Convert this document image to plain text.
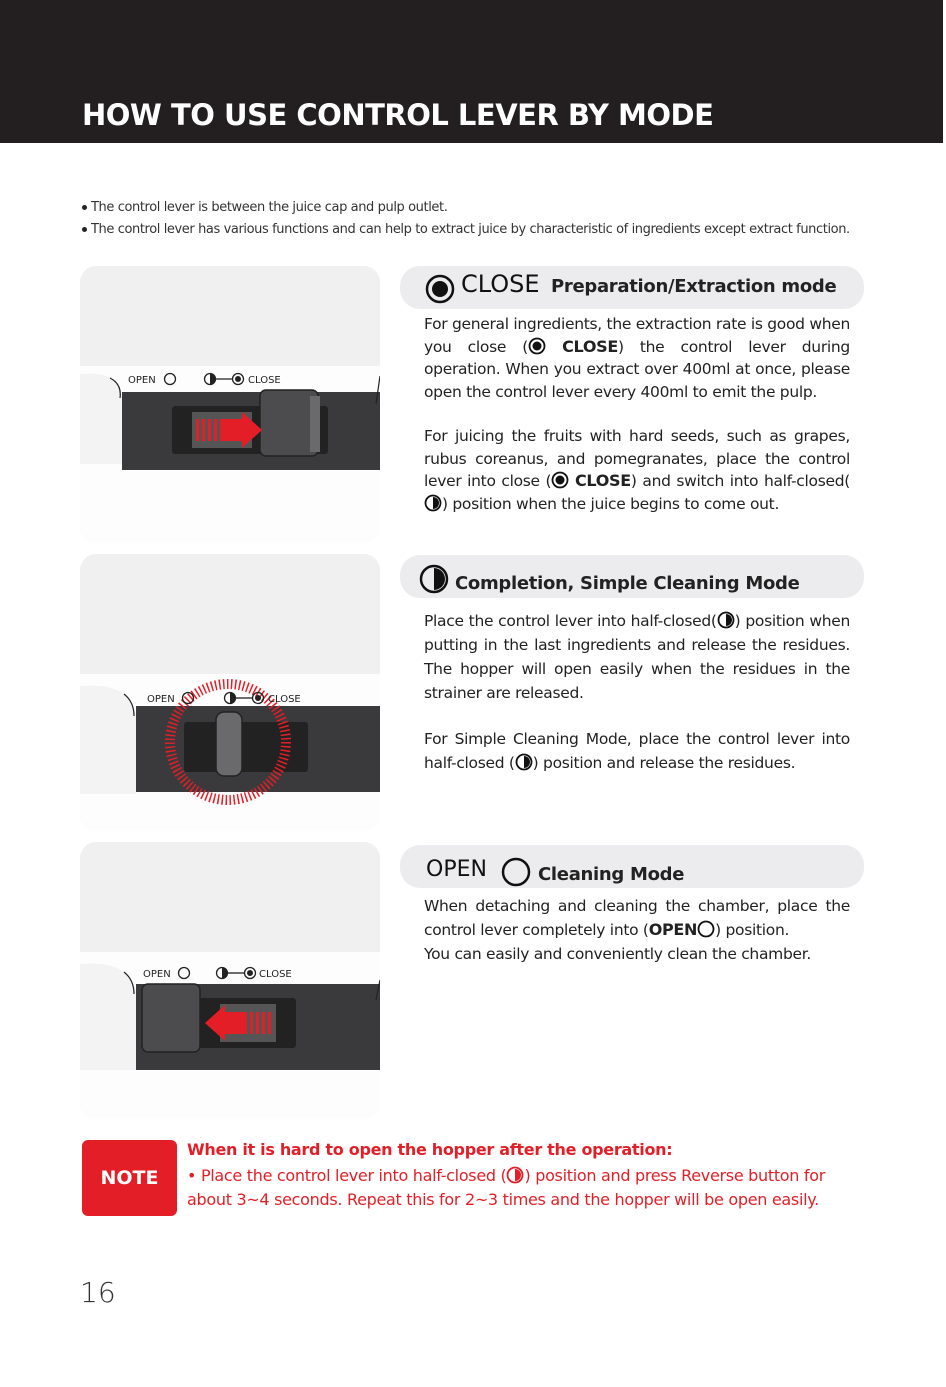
HOW TO USE CONTROL LEVER BY MODE
The control lever is between the juice cap and pulp outlet.
The control lever has various functions and can help to extract juice by characteristic of ingredients except extract function.
OPEN	CLOSE
CLOSE Preparation/Extraction mode

For general ingredients, the extraction rate is good when you close ( CLOSE) the control lever during operation. When you extract over 400ml at once, please open the control lever every 400ml to emit the pulp.

For juicing the fruits with hard seeds, such as grapes, rubus coreanus, and pomegranates, place the control lever into close ( CLOSE) and switch into half-closed() position when the juice begins to come out.

OPEN	CLOSE
Completion, Simple Cleaning Mode

Place the control lever into half-closed( ) position when putting in the last ingredients and release the residues. The hopper will open easily when the residues in the strainer are released.

For Simple Cleaning Mode, place the control lever into half-closed ( ) position and release the residues.

OPEN	CLOSE
OPEN	Cleaning Mode
When detaching and cleaning the chamber, place the control lever completely into (OPEN ) position.
You can easily and conveniently clean the chamber.
NOTE
When it is hard to open the hopper after the operation:
• Place the control lever into half-closed ( ) position and press Reverse button for about 3~4 seconds. Repeat this for 2~3 times and the hopper will be open easily.
16
